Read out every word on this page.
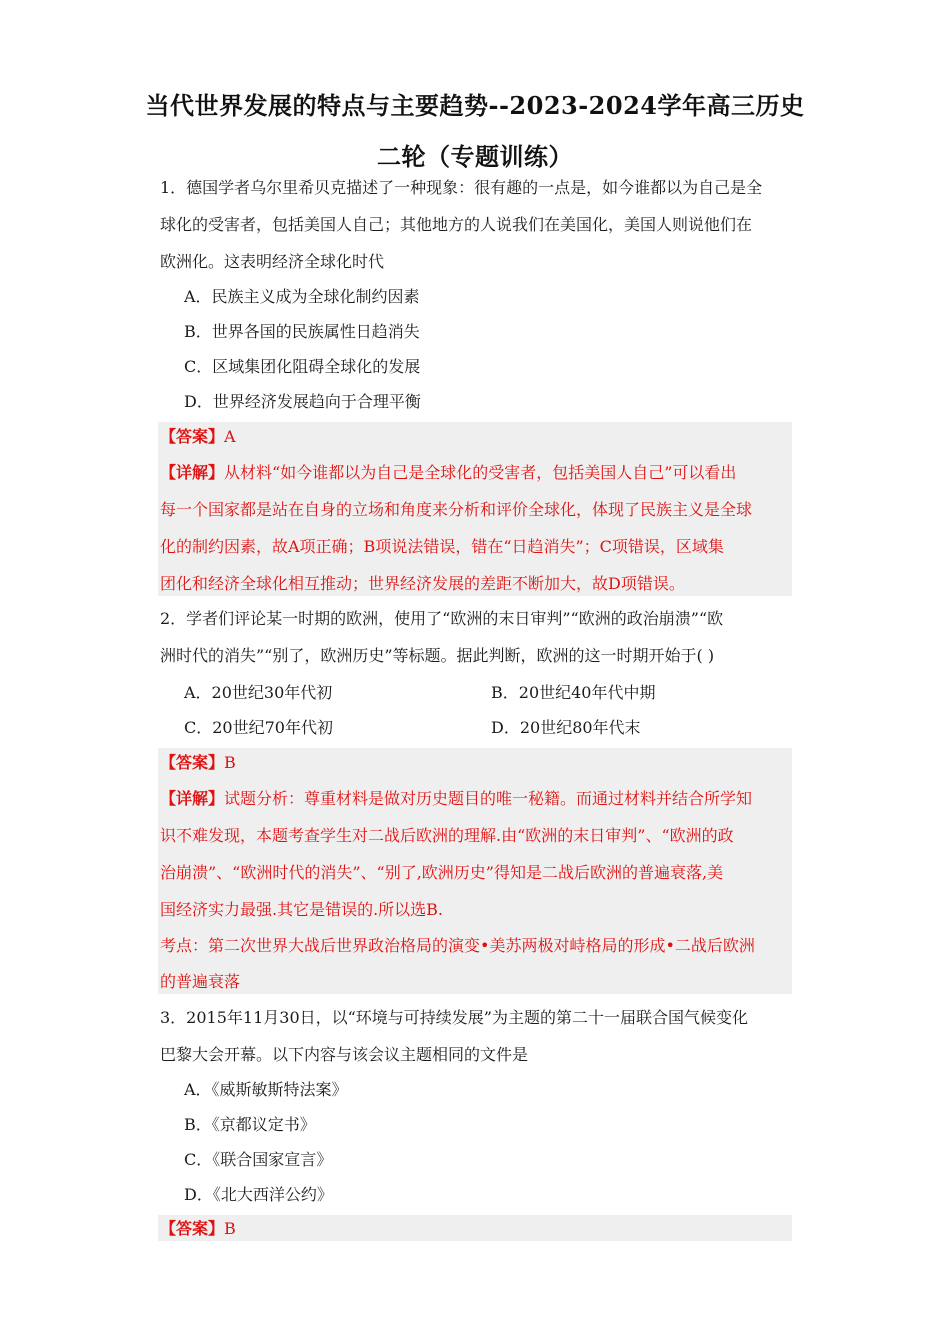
当代世界发展的特点与主要趋势--2023-2024学年高三历史
二轮（专题训练）
1．德国学者乌尔里希贝克描述了一种现象：很有趣的一点是，如今谁都以为自己是全
球化的受害者，包括美国人自己；其他地方的人说我们在美国化，美国人则说他们在
欧洲化。这表明经济全球化时代
A．民族主义成为全球化制约因素
B．世界各国的民族属性日趋消失
C．区域集团化阻碍全球化的发展
D．世界经济发展趋向于合理平衡
【答案】A
【详解】从材料“如今谁都以为自己是全球化的受害者，包括美国人自己”可以看出
每一个国家都是站在自身的立场和角度来分析和评价全球化，体现了民族主义是全球
化的制约因素，故A项正确；B项说法错误，错在“日趋消失”；C项错误，区域集
团化和经济全球化相互推动；世界经济发展的差距不断加大，故D项错误。
2．学者们评论某一时期的欧洲，使用了“欧洲的末日审判”“欧洲的政治崩溃”“欧
洲时代的消失”“别了，欧洲历史”等标题。据此判断，欧洲的这一时期开始于( )
A．20世纪30年代初	B．20世纪40年代中期
C．20世纪70年代初	D．20世纪80年代末
【答案】B
【详解】试题分析：尊重材料是做对历史题目的唯一秘籍。而通过材料并结合所学知
识不难发现，本题考查学生对二战后欧洲的理解.由“欧洲的末日审判”、“欧洲的政
治崩溃”、“欧洲时代的消失”、“别了,欧洲历史”得知是二战后欧洲的普遍衰落,美
国经济实力最强.其它是错误的.所以选B.
考点：第二次世界大战后世界政治格局的演变•美苏两极对峙格局的形成•二战后欧洲
的普遍衰落
3．2015年11月30日，以“环境与可持续发展”为主题的第二十一届联合国气候变化
巴黎大会开幕。以下内容与该会议主题相同的文件是
A．《威斯敏斯特法案》
B．《京都议定书》
C．《联合国家宣言》
D．《北大西洋公约》
【答案】B
